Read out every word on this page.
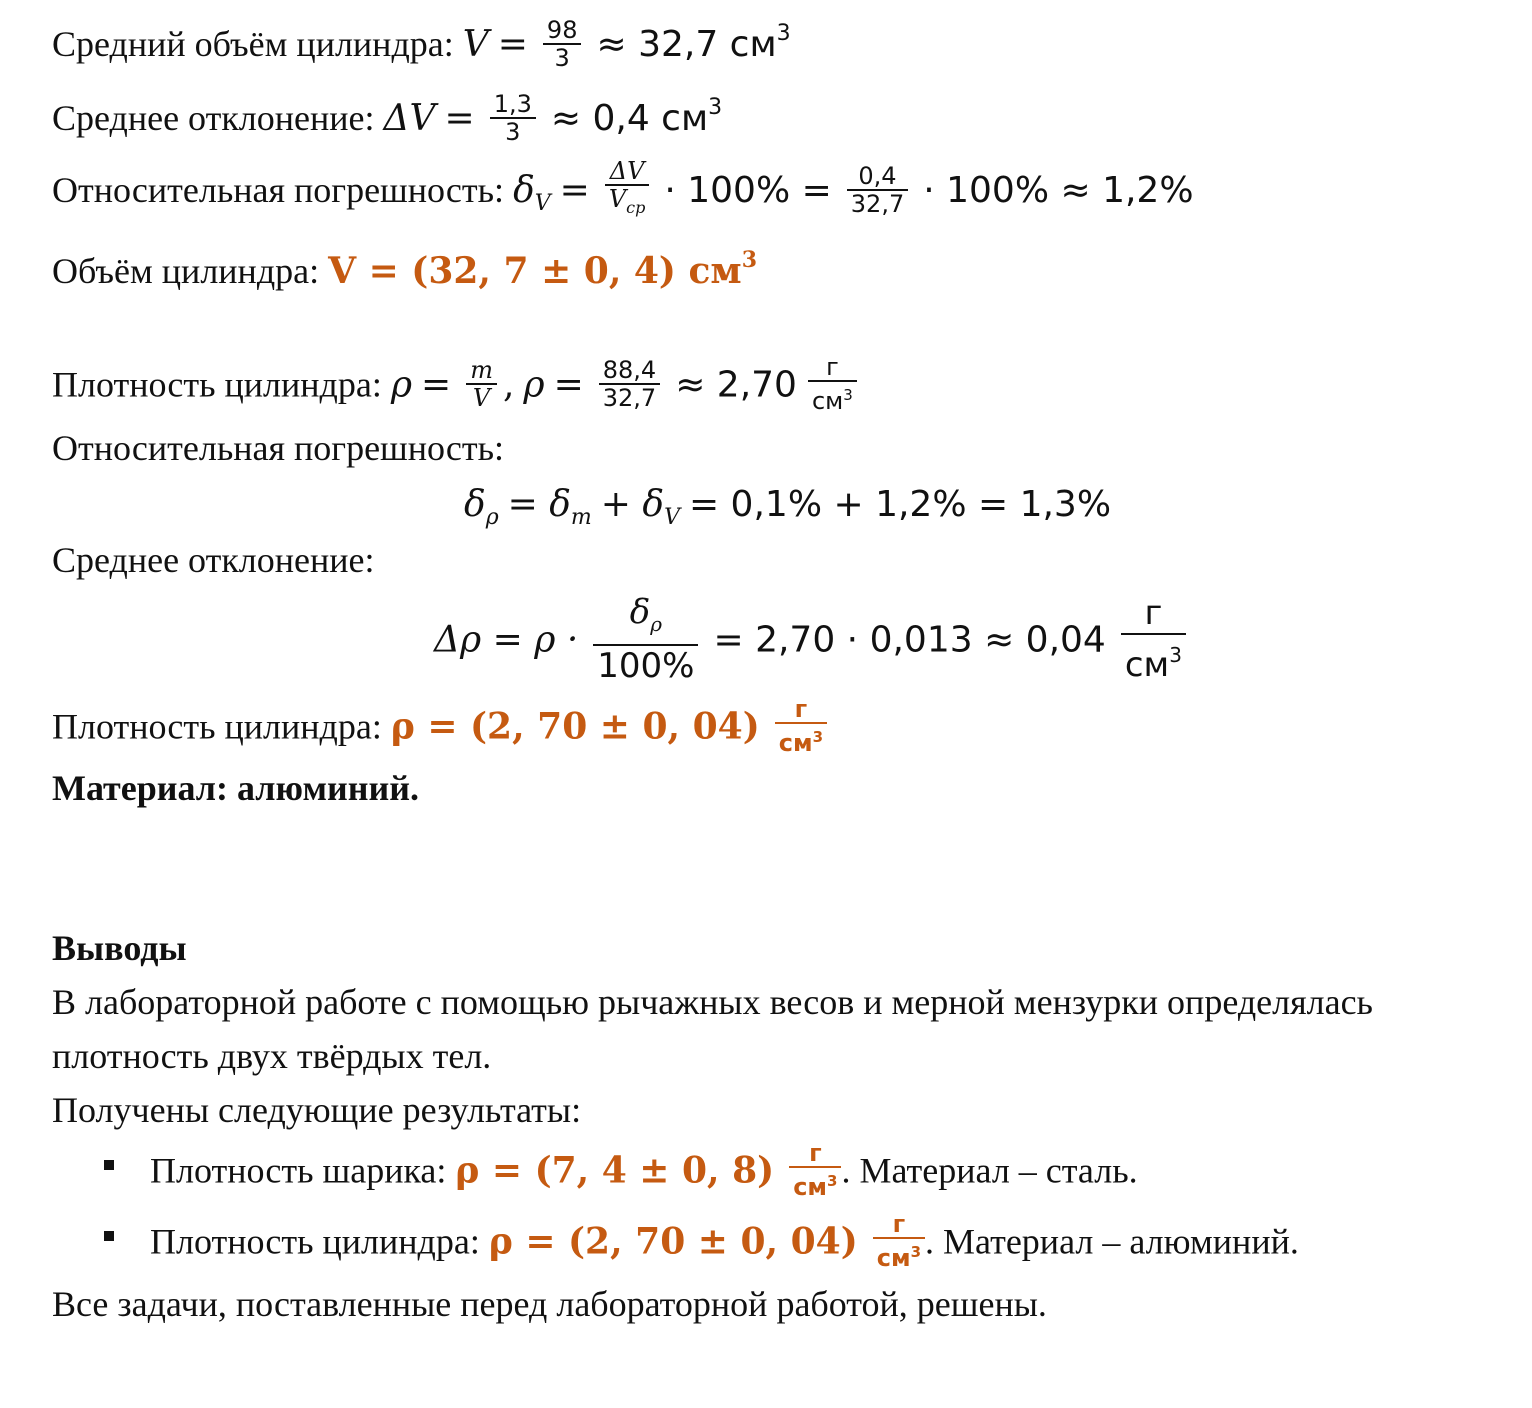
Средний объём цилиндра: $V = \frac{98}{3} \approx 32,7$ $см^3$
Среднее отклонение: $\Delta V = \frac{1,3}{3} \approx 0,4$ $см^3$
Относительная погрешность: $\delta_V = \frac{\Delta V}{V_{ср}} \cdot 100\% = \frac{0,4}{32,7} \cdot 100\% \approx 1,2\%$
Объём цилиндра: V = (32, 7 ± 0, 4) $см^3$
Плотность цилиндра: $\rho = \frac{m}{V}$ , $\rho = \frac{88,4}{32,7} \approx 2,70 \frac{г}{см^3}$
Относительная погрешность:
$\delta_\rho = \delta_m + \delta_V = 0,1\% + 1,2\% = 1,3\%$
Среднее отклонение:
$\Delta\rho = \rho \cdot \frac{\delta_\rho}{100\%} = 2,70 \cdot 0,013 \approx 0,04 \frac{г}{см^3}$
Плотность цилиндра: ρ = (2, 70 ± 0, $04) \frac{г}{см^3}$
Материал: алюминий.
Выводы
В лабораторной работе с помощью рычажных весов и мерной мензурки определялась
плотность двух твёрдых тел.
Получены следующие результаты:
Плотность шарика: ρ = (7, 4 ± 0, $8) \frac{г}{см^3}$ . Материал – сталь.
Плотность цилиндра: ρ = (2, 70 ± 0, $04) \frac{г}{см^3}$ . Материал – алюминий.
Все задачи, поставленные перед лабораторной работой, решены.
